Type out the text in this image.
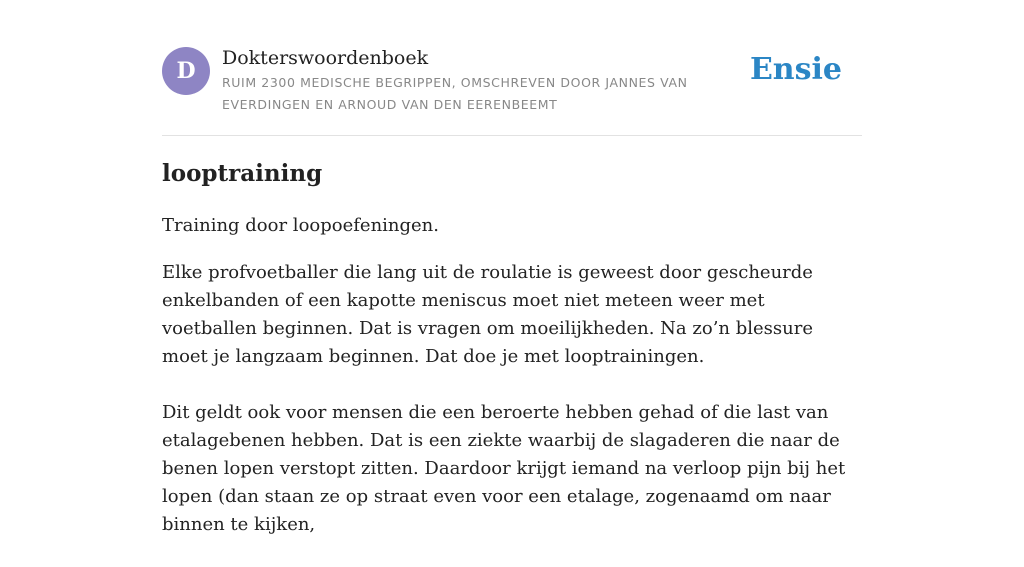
D	Dokterswoordenboek
RUIM 2300 MEDISCHE BEGRIPPEN, OMSCHREVEN DOOR JANNES VAN EVERDINGEN EN ARNOUD VAN DEN EERENBEEMT
Ensie
looptraining
Training door loopoefeningen.

Elke profvoetballer die lang uit de roulatie is geweest door gescheurde enkelbanden of een kapotte meniscus moet niet meteen weer met voetballen beginnen. Dat is vragen om moeilijkheden. Na zo’n blessure moet je langzaam beginnen. Dat doe je met looptrainingen.

Dit geldt ook voor mensen die een beroerte hebben gehad of die last van etalagebenen hebben. Dat is een ziekte waarbij de slagaderen die naar de benen lopen verstopt zitten. Daardoor krijgt iemand na verloop pijn bij het lopen (dan staan ze op straat even voor een etalage, zogenaamd om naar binnen te kijken,
